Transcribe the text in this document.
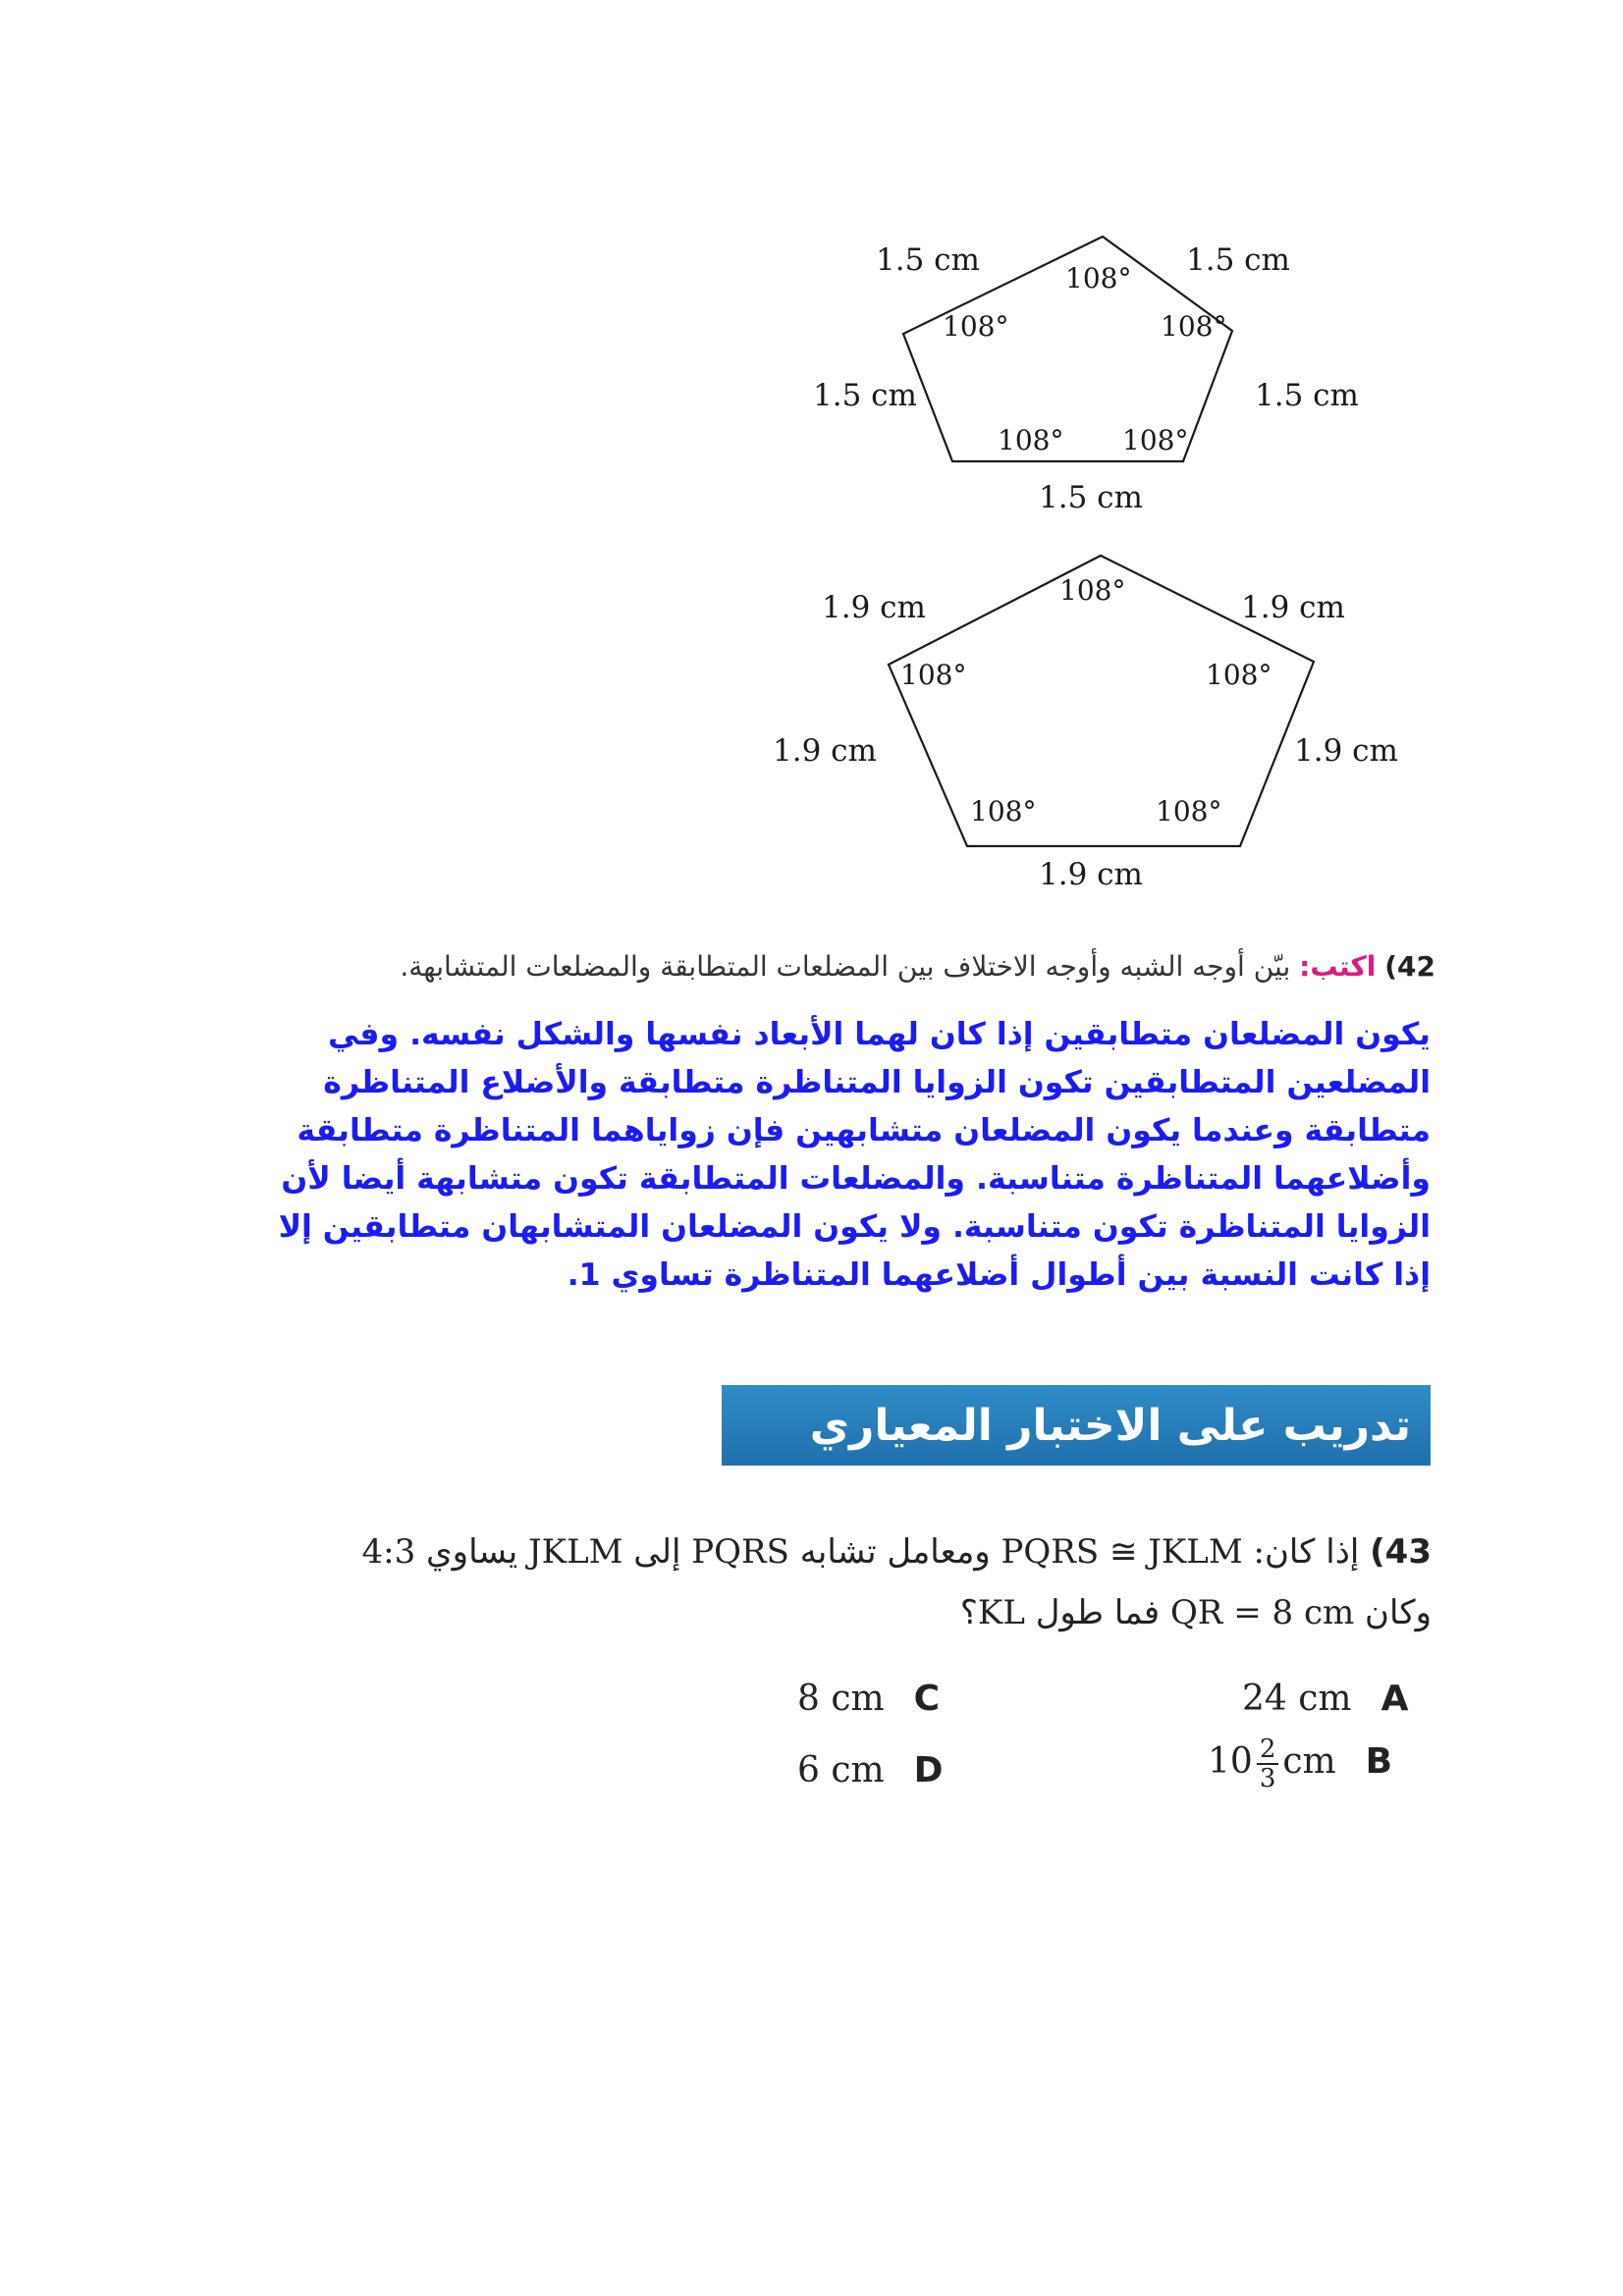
1.5 cm	1.5 cm
1.5 cm	1.5 cm
1.5 cm
108°
108°	108°
108° 108°
1.9 cm	1.9 cm
1.9 cm	1.9 cm
1.9 cm
108°
108°	108°
108°	108°
42) اكتب: بيّن أوجه الشبه وأوجه الاختلاف بين المضلعات المتطابقة والمضلعات المتشابهة.
يكون المضلعان متطابقين إذا كان لهما الأبعاد نفسها والشكل نفسه. وفي
المضلعين المتطابقين تكون الزوايا المتناظرة متطابقة والأضلاع المتناظرة
متطابقة وعندما يكون المضلعان متشابهين فإن زواياهما المتناظرة متطابقة
وأضلاعهما المتناظرة متناسبة. والمضلعات المتطابقة تكون متشابهة أيضا لأن
الزوايا المتناظرة تكون متناسبة. ولا يكون المضلعان المتشابهان متطابقين إلا
إذا كانت النسبة بين أطوال أضلاعهما المتناظرة تساوي 1.
تدريب على الاختبار المعياري
43) إذا كان: PQRS ≅ JKLM ومعامل تشابه PQRS إلى JKLM يساوي 4:3
وكان QR = 8 cm فما طول KL؟
24 cm A
8 cm C
$10 \frac{2}{3}$ cm B
6 cm D
